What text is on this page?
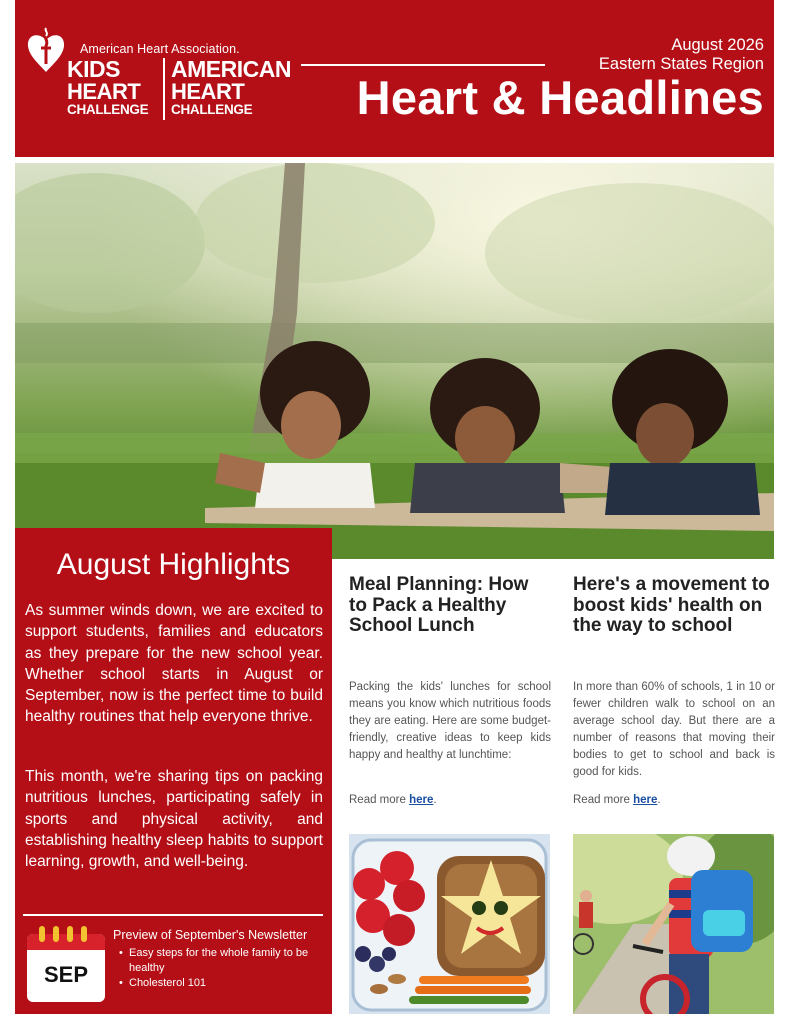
American Heart Association.
KIDS
HEART
CHALLENGE
AMERICAN
HEART
CHALLENGE
August 2026
Eastern States Region
Heart & Headlines
August Highlights

As summer winds down, we are excited to support students, families and educators as they prepare for the new school year. Whether school starts in August or September, now is the perfect time to build healthy routines that help everyone thrive.

This month, we're sharing tips on packing nutritious lunches, participating safely in sports and physical activity, and establishing healthy sleep habits to support learning, growth, and well-being.

SEP
Preview of September's Newsletter
• Easy steps for the whole family to be healthy
• Cholesterol 101
Meal Planning: How to Pack a Healthy School Lunch

Packing the kids' lunches for school means you know which nutritious foods they are eating. Here are some budget-friendly, creative ideas to keep kids happy and healthy at lunchtime:

Read more here.

Here's a movement to boost kids' health on the way to school

In more than 60% of schools, 1 in 10 or fewer children walk to school on an average school day. But there are a number of reasons that moving their bodies to get to school and back is good for kids.

Read more here.
